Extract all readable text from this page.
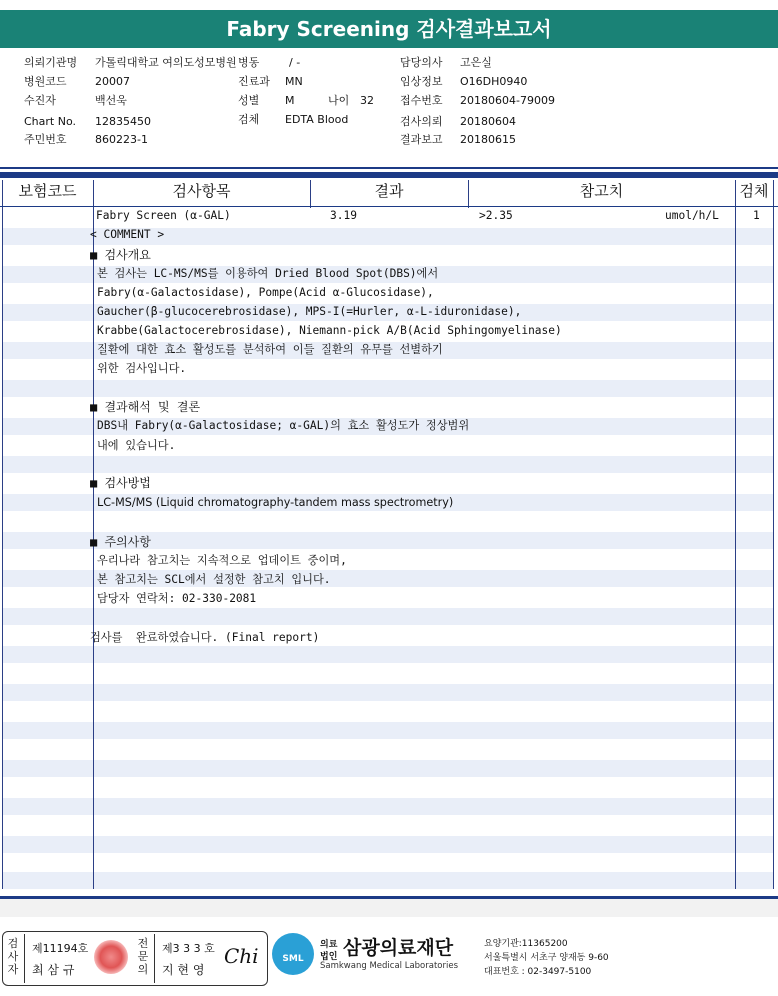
Fabry Screening 검사결과보고서
의뢰기관명 가톨릭대학교 여의도성모병원 병동	/ -	담당의사 고은실
병원코드	20007	진료과 MN	임상정보 O16DH0940
수진자	백선욱	성별 M	나이 32 접수번호 20180604-79009
Chart No. 12835450	검체 EDTA Blood	검사의뢰 20180604
주민번호	860223-1	결과보고 20180615
보험코드	검사항목	결과	참고치	검체
Fabry Screen (α-GAL)	3.19	>2.35	umol/h/L	1
< COMMENT >
■ 검사개요
본 검사는 LC-MS/MS를 이용하여 Dried Blood Spot(DBS)에서
Fabry(α-Galactosidase), Pompe(Acid α-Glucosidase),
Gaucher(β-glucocerebrosidase), MPS-I(=Hurler, α-L-iduronidase),
Krabbe(Galactocerebrosidase), Niemann-pick A/B(Acid Sphingomyelinase)
질환에 대한 효소 활성도를 분석하여 이들 질환의 유무를 선별하기
위한 검사입니다.
■ 결과해석 및 결론
DBS내 Fabry(α-Galactosidase; α-GAL)의 효소 활성도가 정상범위
내에 있습니다.
■ 검사방법
LC-MS/MS (Liquid chromatography-tandem mass spectrometry)
■ 주의사항
우리나라 참고치는 지속적으로 업데이트 중이며,
본 참고치는 SCL에서 설정한 참고치 입니다.
담당자 연락처: 02-330-2081
검사를  완료하였습니다. (Final report)
검사자
제11194호
최 삼 규
전문의
제3 3 3 호
지 현 영
Chi	SML
의료
법인 삼광의료재단
Samkwang Medical Laboratories
요양기관:11365200
서울특별시 서초구 양재동 9-60
대표번호 : 02-3497-5100
